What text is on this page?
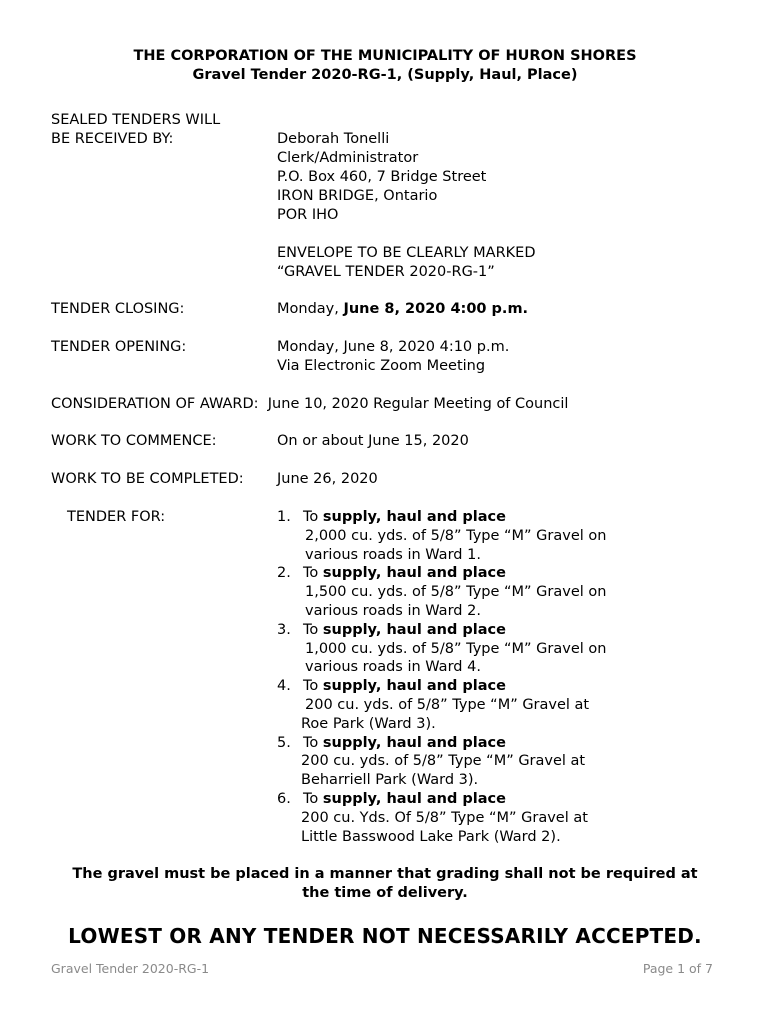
THE CORPORATION OF THE MUNICIPALITY OF HURON SHORES
Gravel Tender 2020-RG-1, (Supply, Haul, Place)
SEALED TENDERS WILL
BE RECEIVED BY:	Deborah Tonelli
Clerk/Administrator
P.O. Box 460, 7 Bridge Street
IRON BRIDGE, Ontario
POR IHO
ENVELOPE TO BE CLEARLY MARKED
“GRAVEL TENDER 2020-RG-1”
TENDER CLOSING:	Monday, June 8, 2020 4:00 p.m.
TENDER OPENING:	Monday, June 8, 2020 4:10 p.m.
Via Electronic Zoom Meeting
CONSIDERATION OF AWARD: June 10, 2020 Regular Meeting of Council
WORK TO COMMENCE:	On or about June 15, 2020
WORK TO BE COMPLETED: June 26, 2020
TENDER FOR:	1. To supply, haul and place
2,000 cu. yds. of 5/8” Type “M” Gravel on
various roads in Ward 1.
2. To supply, haul and place
1,500 cu. yds. of 5/8” Type “M” Gravel on
various roads in Ward 2.
3. To supply, haul and place
1,000 cu. yds. of 5/8” Type “M” Gravel on
various roads in Ward 4.
4. To supply, haul and place
200 cu. yds. of 5/8” Type “M” Gravel at
Roe Park (Ward 3).
5. To supply, haul and place
200 cu. yds. of 5/8” Type “M” Gravel at
Beharriell Park (Ward 3).
6. To supply, haul and place
200 cu. Yds. Of 5/8” Type “M” Gravel at
Little Basswood Lake Park (Ward 2).
The gravel must be placed in a manner that grading shall not be required at
the time of delivery.
LOWEST OR ANY TENDER NOT NECESSARILY ACCEPTED.
Gravel Tender 2020-RG-1	Page 1 of 7
